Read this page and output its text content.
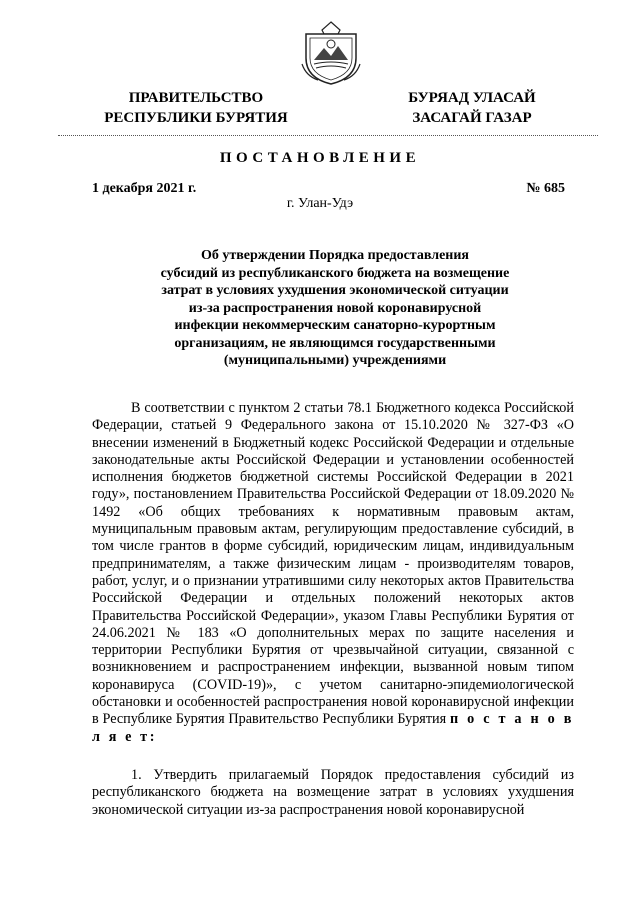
ПРАВИТЕЛЬСТВО
РЕСПУБЛИКИ БУРЯТИЯ
БУРЯАД УЛАСАЙ
ЗАСАГАЙ ГАЗАР
ПОСТАНОВЛЕНИЕ
1 декабря 2021 г.	№ 685
г. Улан-Удэ
Об утверждении Порядка предоставления
субсидий из республиканского бюджета на возмещение
затрат в условиях ухудшения экономической ситуации
из-за распространения новой коронавирусной
инфекции некоммерческим санаторно-курортным
организациям, не являющимся государственными
(муниципальными) учреждениями
В соответствии с пунктом 2 статьи 78.1 Бюджетного кодекса Российской Федерации, статьей 9 Федерального закона от 15.10.2020 № 327-ФЗ «О внесении изменений в Бюджетный кодекс Российской Федерации и отдельные законодательные акты Российской Федерации и установлении особенностей исполнения бюджетов бюджетной системы Российской Федерации в 2021 году», постановлением Правительства Российской Федерации от 18.09.2020 № 1492 «Об общих требованиях к нормативным правовым актам, муниципальным правовым актам, регулирующим предоставление субсидий, в том числе грантов в форме субсидий, юридическим лицам, индивидуальным предпринимателям, а также физическим лицам - производителям товаров, работ, услуг, и о признании утратившими силу некоторых актов Правительства Российской Федерации и отдельных положений некоторых актов Правительства Российской Федерации», указом Главы Республики Бурятия от 24.06.2021 № 183 «О дополнительных мерах по защите населения и территории Республики Бурятия от чрезвычайной ситуации, связанной с возникновением и распространением инфекции, вызванной новым типом коронавируса (COVID-19)», с учетом санитарно-эпидемиологической обстановки и особенностей распространения новой коронавирусной инфекции в Республике Бурятия Правительство Республики Бурятия п о с т а н о в л я е т:
1. Утвердить прилагаемый Порядок предоставления субсидий из республиканского бюджета на возмещение затрат в условиях ухудшения экономической ситуации из-за распространения новой коронавирусной
